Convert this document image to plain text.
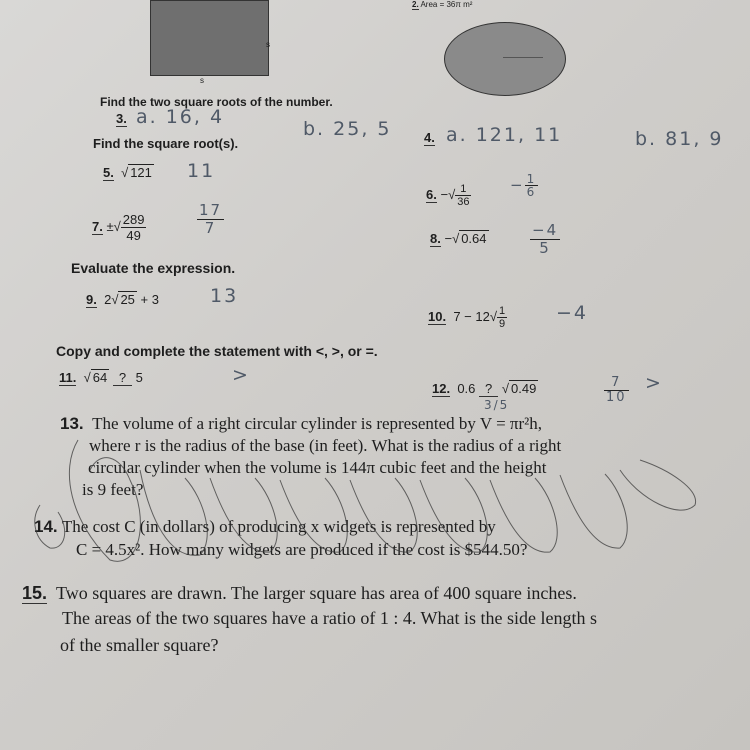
s
s
2. Area = 36π m²
Find the two square roots of the number.
3. a. 16, 4
b. 25, 5	4. a. 121, 11	b. 81, 9
Find the square root(s).
5.  √ 121 11
6. −√ $\frac{1}{36}$	− $\frac{1}{6}$
7. ±√ $\frac{289}{49}$	$\frac{17}{7}$
8. −√ 0.64	$\frac{-4}{5}$
Evaluate the expression.
9. 2√ 25 + 3	13
10. $7 - 12√ \frac{1}{9}$	−4
Copy and complete the statement with <, >, or =.
11.  √ 64 ? 5	>
12. 0.6 ? √ 0.49	$\frac{7}{10}$ >
3/5
13. The volume of a right circular cylinder is represented by V = πr²h,
where r is the radius of the base (in feet). What is the radius of a right
circular cylinder when the volume is 144π cubic feet and the height
is 9 feet?
14. The cost C (in dollars) of producing x widgets is represented by
C = 4.5x². How many widgets are produced if the cost is $544.50?
15. Two squares are drawn. The larger square has area of 400 square inches.
The areas of the two squares have a ratio of 1 : 4. What is the side length s
of the smaller square?
